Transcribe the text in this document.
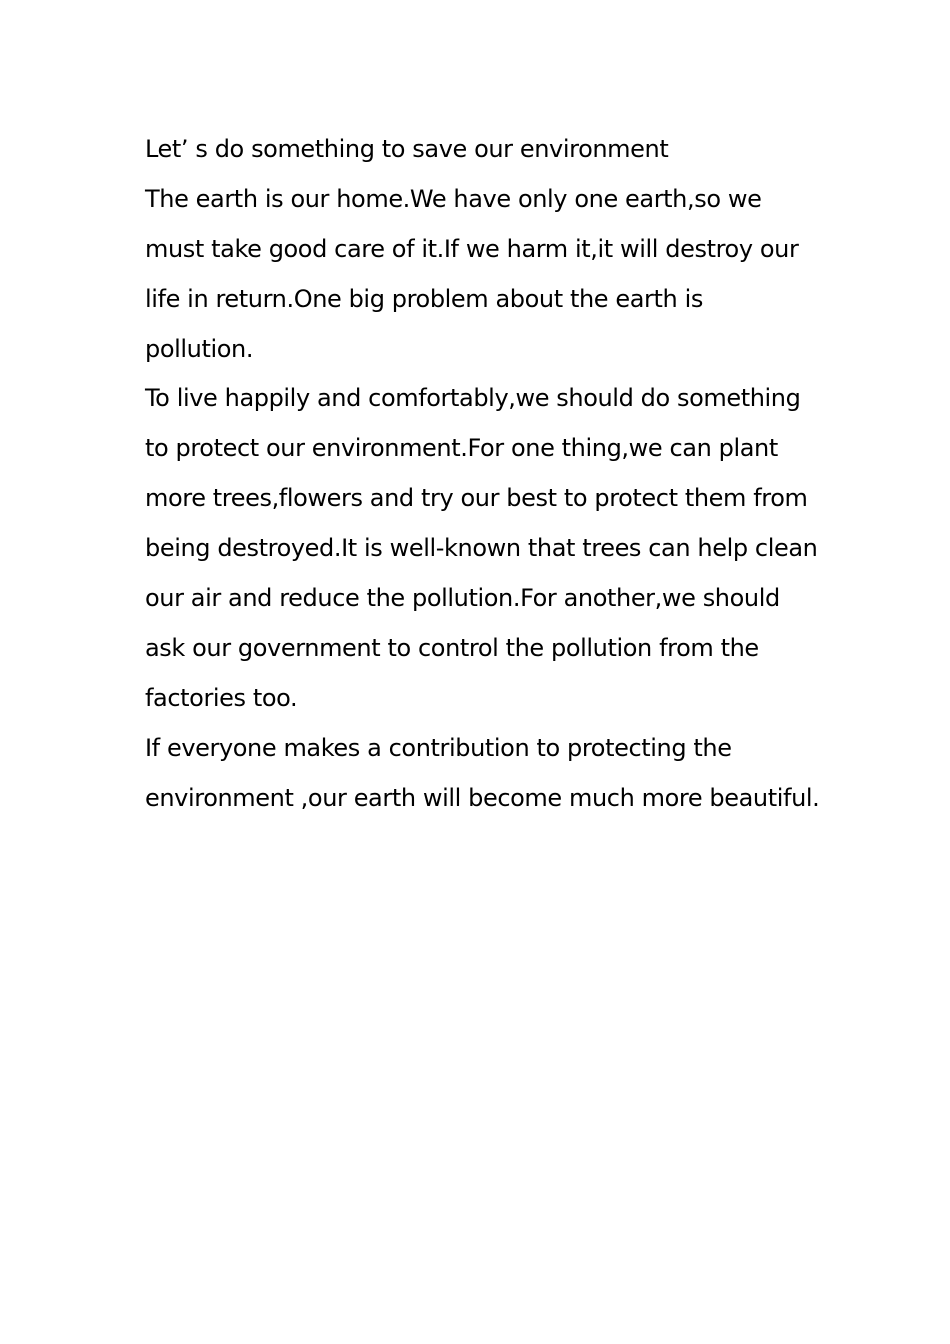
Let’ s do something to save our environment
The earth is our home.We have only one earth,so we
must take good care of it.If we harm it,it will destroy our
life in return.One big problem about the earth is
pollution.
To live happily and comfortably,we should do something
to protect our environment.For one thing,we can plant
more trees,flowers and try our best to protect them from
being destroyed.It is well-known that trees can help clean
our air and reduce the pollution.For another,we should
ask our government to control the pollution from the
factories too.
If everyone makes a contribution to protecting the
environment ,our earth will become much more beautiful.
